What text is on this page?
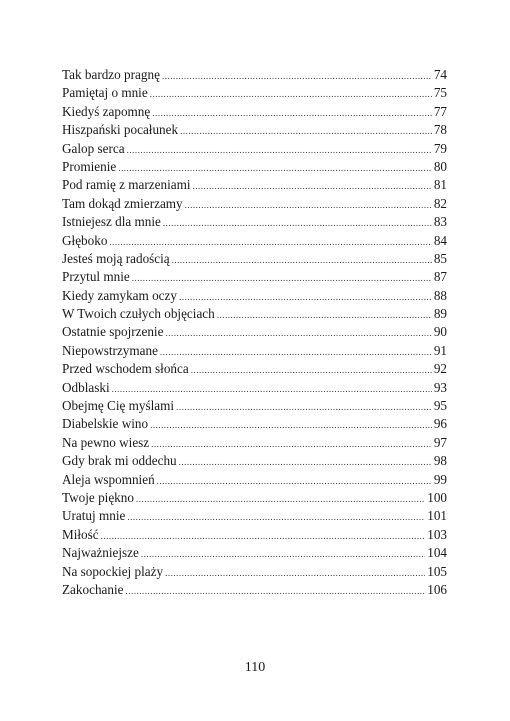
Tak bardzo pragnę .....	74
Pamiętaj o mnie .....	75
Kiedyś zapomnę .....	77
Hiszpański pocałunek .....	78
Galop serca .....	79
Promienie .....	80
Pod ramię z marzeniami .....	81
Tam dokąd zmierzamy .....	82
Istniejesz dla mnie .....	83
Głęboko .....	84
Jesteś moją radością .....	85
Przytul mnie .....	87
Kiedy zamykam oczy .....	88
W Twoich czułych objęciach .....	89
Ostatnie spojrzenie .....	90
Niepowstrzymane .....	91
Przed wschodem słońca .....	92
Odblaski .....	93
Obejmę Cię myślami .....	95
Diabelskie wino .....	96
Na pewno wiesz .....	97
Gdy brak mi oddechu .....	98
Aleja wspomnień .....	99
Twoje piękno .....	100
Uratuj mnie .....	101
Miłość .....	103
Najważniejsze .....	104
Na sopockiej plaży .....	105
Zakochanie .....	106
110
